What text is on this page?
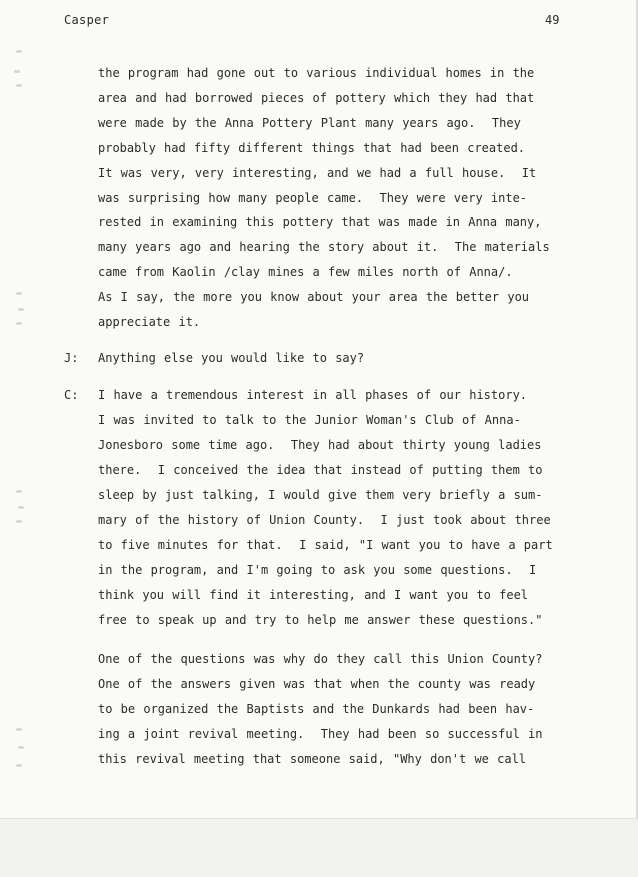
Casper	49
the program had gone out to various individual homes in the
area and had borrowed pieces of pottery which they had that
were made by the Anna Pottery Plant many years ago.  They
probably had fifty different things that had been created.
It was very, very interesting, and we had a full house.  It
was surprising how many people came.  They were very inte-
rested in examining this pottery that was made in Anna many,
many years ago and hearing the story about it.  The materials
came from Kaolin /clay mines a few miles north of Anna/.
As I say, the more you know about your area the better you
appreciate it.
J: Anything else you would like to say?
C: I have a tremendous interest in all phases of our history.
I was invited to talk to the Junior Woman's Club of Anna-
Jonesboro some time ago.  They had about thirty young ladies
there.  I conceived the idea that instead of putting them to
sleep by just talking, I would give them very briefly a sum-
mary of the history of Union County.  I just took about three
to five minutes for that.  I said, "I want you to have a part
in the program, and I'm going to ask you some questions.  I
think you will find it interesting, and I want you to feel
free to speak up and try to help me answer these questions."
One of the questions was why do they call this Union County?
One of the answers given was that when the county was ready
to be organized the Baptists and the Dunkards had been hav-
ing a joint revival meeting.  They had been so successful in
this revival meeting that someone said, "Why don't we call
